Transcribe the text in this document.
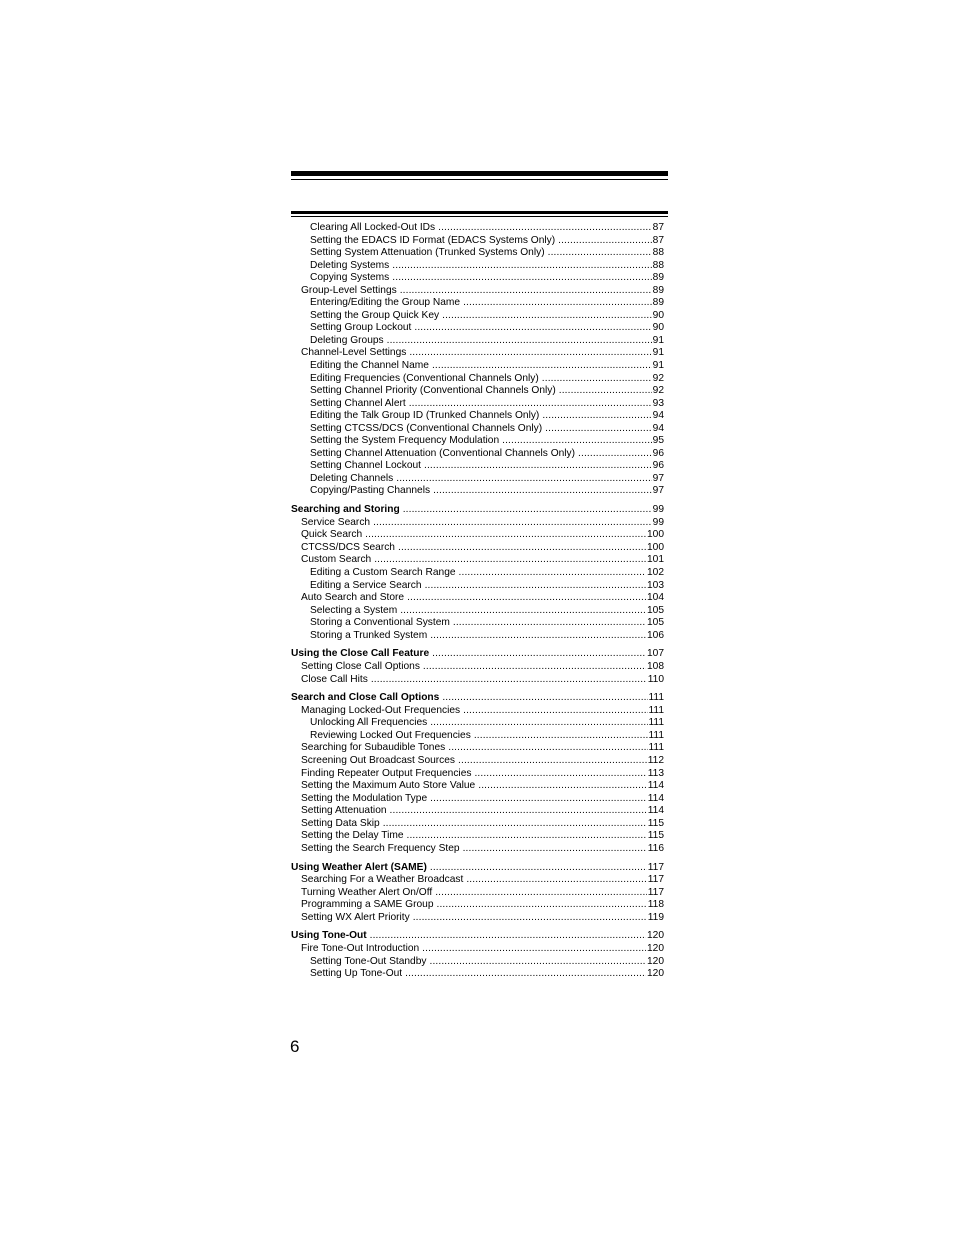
Clearing All Locked-Out IDs . . .	87
Setting the EDACS ID Format (EDACS Systems Only) . . .	87
Setting System Attenuation (Trunked Systems Only) . . .	88
Deleting Systems . . .	88
Copying Systems . . .	89
Group-Level Settings . . .	89
Entering/Editing the Group Name . . .	89
Setting the Group Quick Key . . .	90
Setting Group Lockout . . .	90
Deleting Groups . . .	91
Channel-Level Settings . . .	91
Editing the Channel Name . . .	91
Editing Frequencies (Conventional Channels Only) . . .	92
Setting Channel Priority (Conventional Channels Only) . . .	92
Setting Channel Alert . . .	93
Editing the Talk Group ID (Trunked Channels Only) . . .	94
Setting CTCSS/DCS (Conventional Channels Only) . . .	94
Setting the System Frequency Modulation . . .	95
Setting Channel Attenuation (Conventional Channels Only) . . .	96
Setting Channel Lockout . . .	96
Deleting Channels . . .	97
Copying/Pasting Channels . . .	97
Searching and Storing . . .	99
Service Search . . .	99
Quick Search . . .	100
CTCSS/DCS Search . . .	100
Custom Search . . .	101
Editing a Custom Search Range . . .	102
Editing a Service Search . . .	103
Auto Search and Store . . .	104
Selecting a System . . .	105
Storing a Conventional System . . .	105
Storing a Trunked System . . .	106
Using the Close Call Feature . . .	107
Setting Close Call Options . . .	108
Close Call Hits . . .	110
Search and Close Call Options . . .	111
Managing Locked-Out Frequencies . . .	111
Unlocking All Frequencies . . .	111
Reviewing Locked Out Frequencies . . .	111
Searching for Subaudible Tones . . .	111
Screening Out Broadcast Sources . . .	112
Finding Repeater Output Frequencies . . .	113
Setting the Maximum Auto Store Value . . .	114
Setting the Modulation Type . . .	114
Setting Attenuation . . .	114
Setting Data Skip . . .	115
Setting the Delay Time . . .	115
Setting the Search Frequency Step . . .	116
Using Weather Alert (SAME) . . .	117
Searching For a Weather Broadcast . . .	117
Turning Weather Alert On/Off . . .	117
Programming a SAME Group . . .	118
Setting WX Alert Priority . . .	119
Using Tone-Out . . .	120
Fire Tone-Out Introduction . . .	120
Setting Tone-Out Standby . . .	120
Setting Up Tone-Out . . .	120
6
